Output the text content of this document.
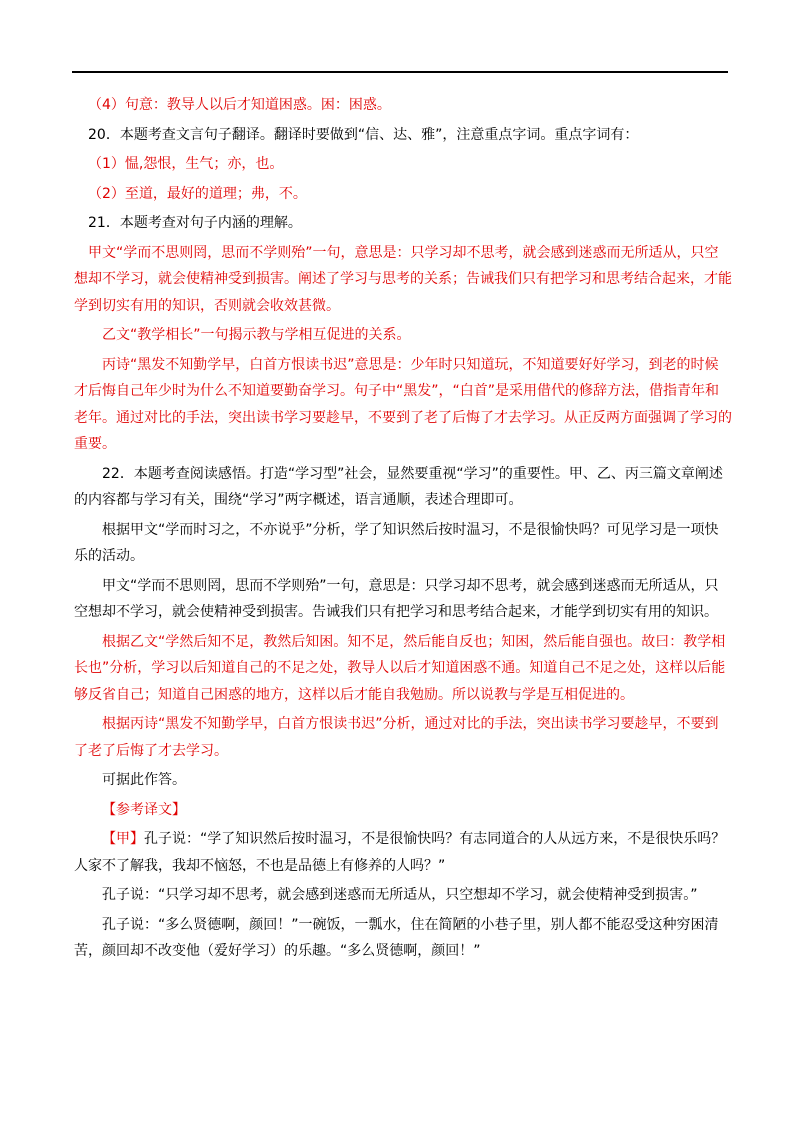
（4）句意：教导人以后才知道困惑。困：困惑。

20．本题考查文言句子翻译。翻译时要做到“信、达、雅”，注意重点字词。重点字词有：

（1）愠,怨恨，生气；亦，也。

（2）至道，最好的道理；弗，不。

21．本题考查对句子内涵的理解。

甲文“学而不思则罔，思而不学则殆”一句，意思是：只学习却不思考，就会感到迷惑而无所适从，只空想却不学习，就会使精神受到损害。阐述了学习与思考的关系；告诫我们只有把学习和思考结合起来，才能学到切实有用的知识，否则就会收效甚微。

乙文“教学相长”一句揭示教与学相互促进的关系。

丙诗“黑发不知勤学早，白首方恨读书迟”意思是：少年时只知道玩，不知道要好好学习，到老的时候才后悔自己年少时为什么不知道要勤奋学习。句子中“黑发”，“白首”是采用借代的修辞方法，借指青年和老年。通过对比的手法，突出读书学习要趁早，不要到了老了后悔了才去学习。从正反两方面强调了学习的重要。

22．本题考查阅读感悟。打造“学习型”社会，显然要重视“学习”的重要性。甲、乙、丙三篇文章阐述的内容都与学习有关，围绕“学习”两字概述，语言通顺，表述合理即可。

根据甲文“学而时习之，不亦说乎”分析，学了知识然后按时温习，不是很愉快吗？可见学习是一项快乐的活动。

甲文“学而不思则罔，思而不学则殆”一句，意思是：只学习却不思考，就会感到迷惑而无所适从，只空想却不学习，就会使精神受到损害。告诫我们只有把学习和思考结合起来，才能学到切实有用的知识。

根据乙文“学然后知不足，教然后知困。知不足，然后能自反也；知困，然后能自强也。故曰：教学相长也”分析，学习以后知道自己的不足之处，教导人以后才知道困惑不通。知道自己不足之处，这样以后能够反省自己；知道自己困惑的地方，这样以后才能自我勉励。所以说教与学是互相促进的。

根据丙诗“黑发不知勤学早，白首方恨读书迟”分析，通过对比的手法，突出读书学习要趁早，不要到了老了后悔了才去学习。

可据此作答。

【参考译文】

【甲】孔子说：“学了知识然后按时温习，不是很愉快吗？有志同道合的人从远方来，不是很快乐吗？人家不了解我，我却不恼怒，不也是品德上有修养的人吗？”

孔子说：“只学习却不思考，就会感到迷惑而无所适从，只空想却不学习，就会使精神受到损害。”

孔子说：“多么贤德啊，颜回！”一碗饭，一瓢水，住在简陋的小巷子里，别人都不能忍受这种穷困清苦，颜回却不改变他（爱好学习）的乐趣。“多么贤德啊，颜回！”
